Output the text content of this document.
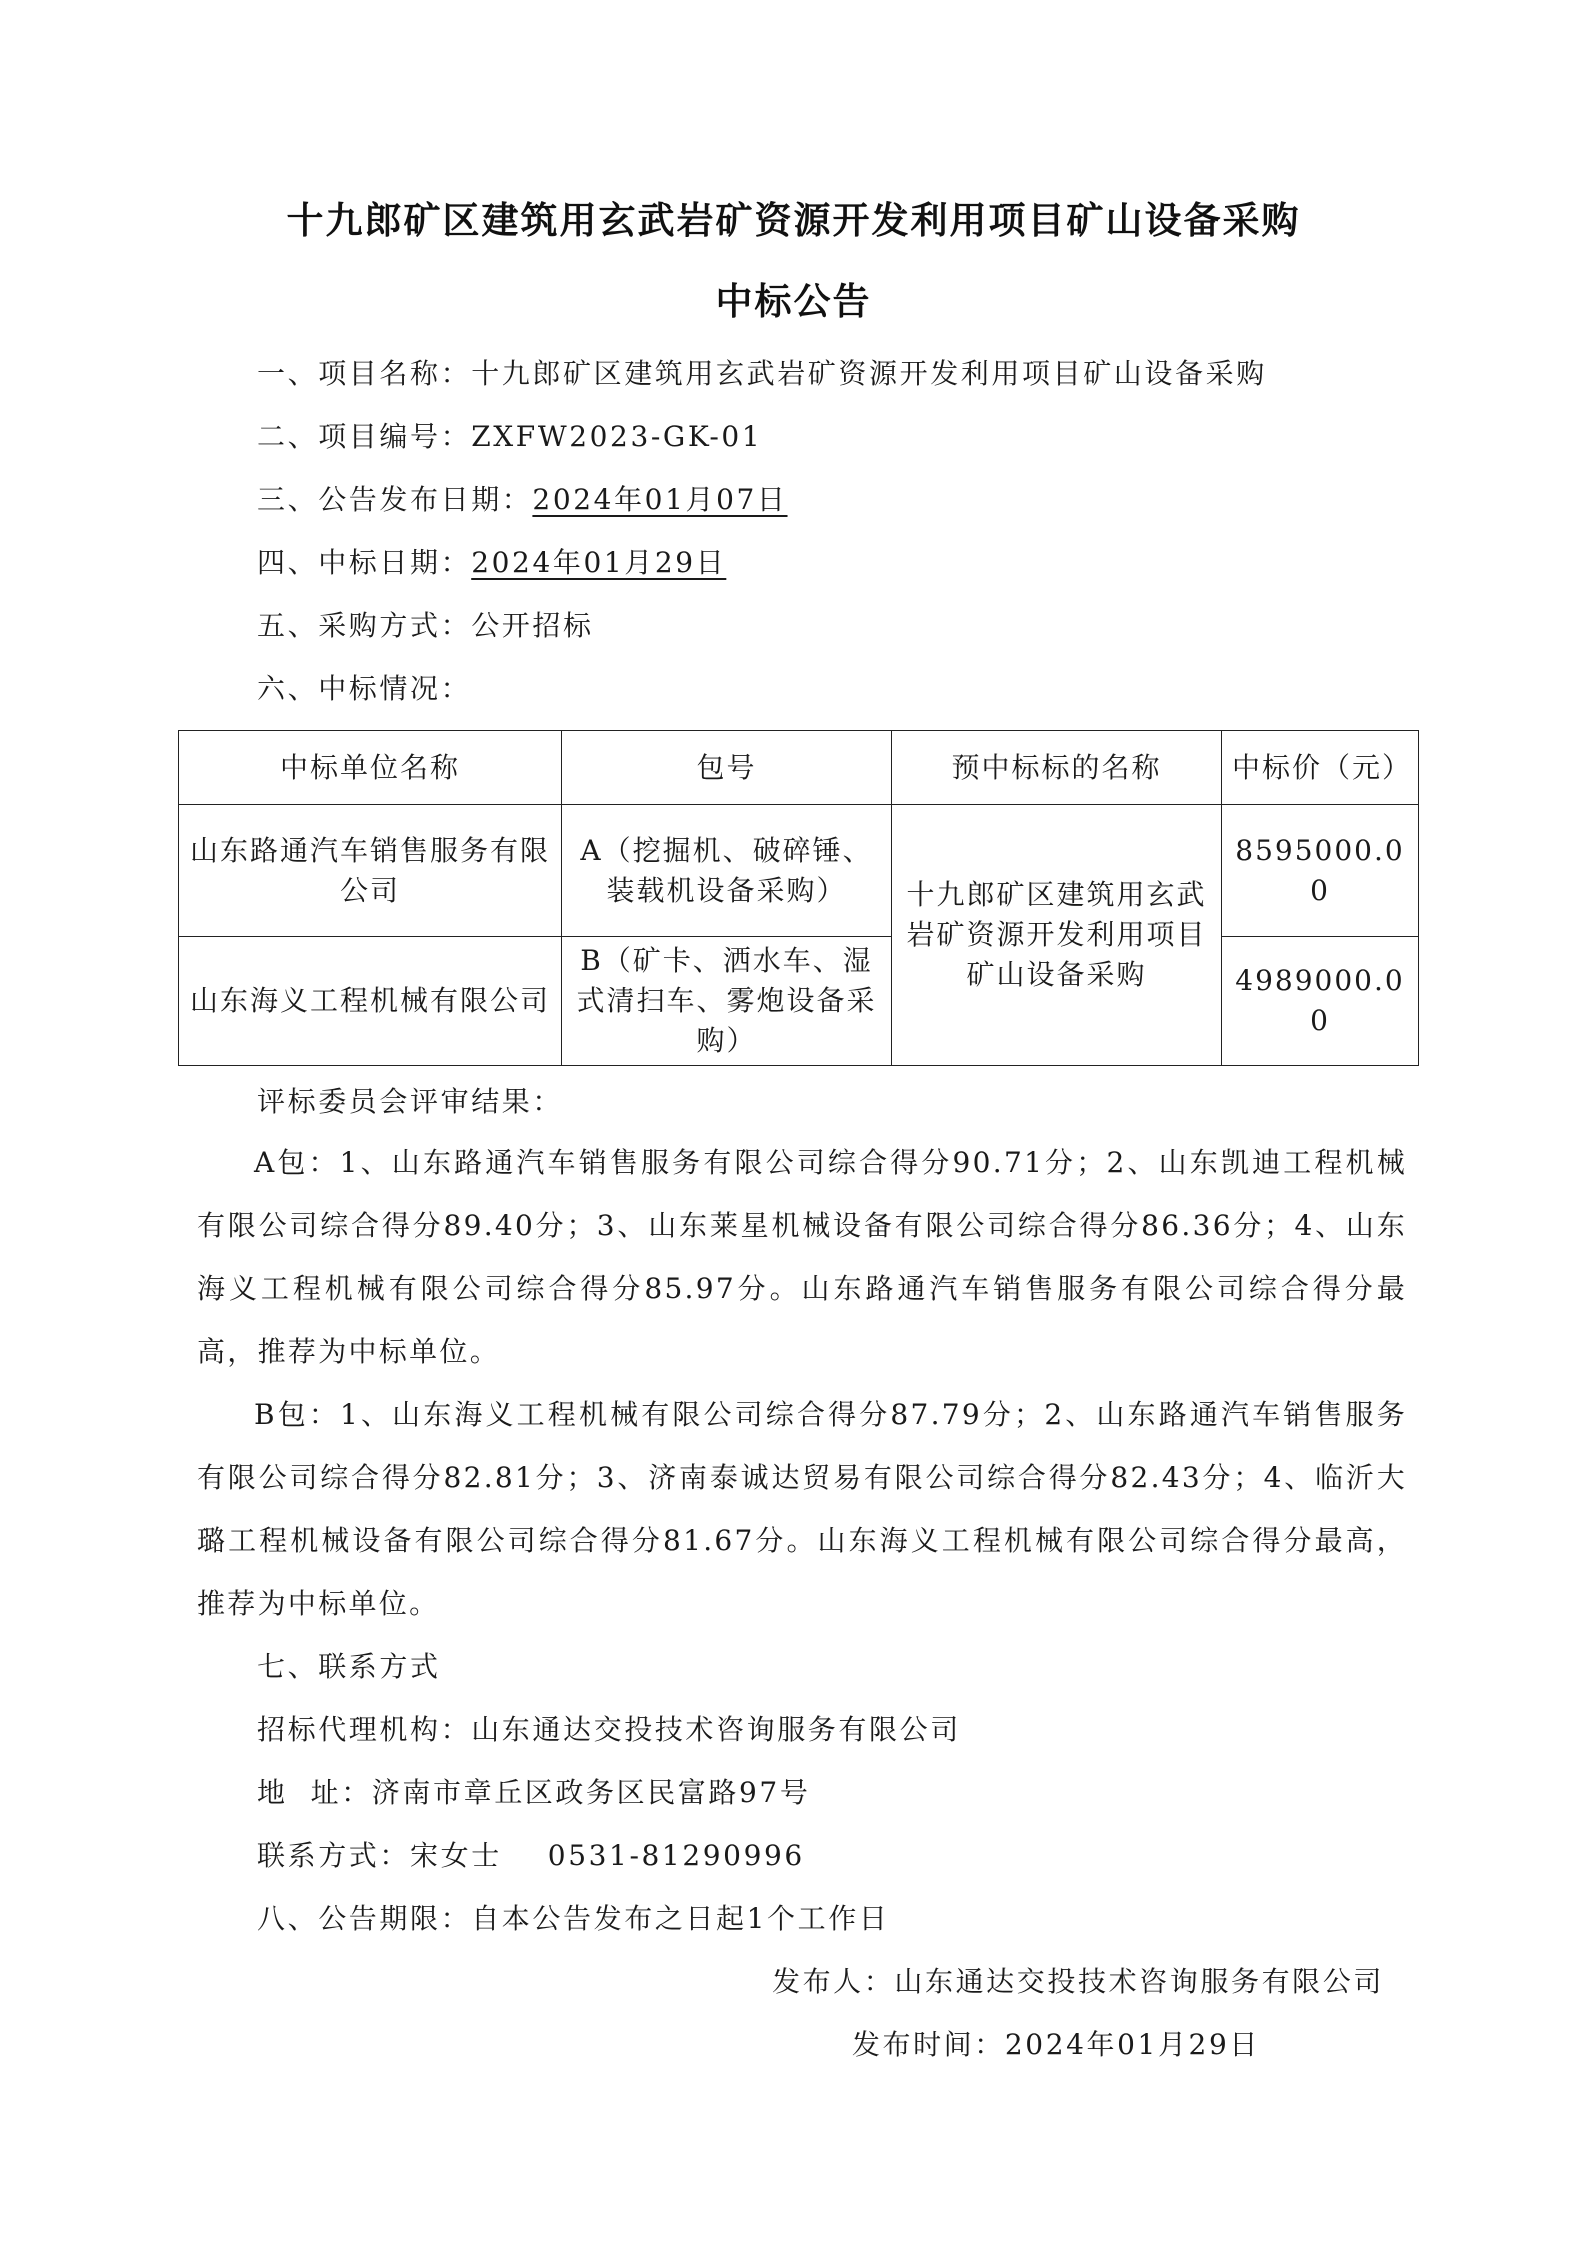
十九郎矿区建筑用玄武岩矿资源开发利用项目矿山设备采购
中标公告
一、项目名称：十九郎矿区建筑用玄武岩矿资源开发利用项目矿山设备采购
二、项目编号：ZXFW2023-GK-01
三、公告发布日期：2024年01月07日
四、中标日期：2024年01月29日
五、采购方式：公开招标
六、中标情况：
中标单位名称	包号	预中标标的名称	中标价（元）
山东路通汽车销售服务有限公司	A（挖掘机、破碎锤、装载机设备采购）	十九郎矿区建筑用玄武岩矿资源开发利用项目矿山设备采购	8595000.00
山东海义工程机械有限公司	B（矿卡、洒水车、湿式清扫车、雾炮设备采购）		4989000.00
评标委员会评审结果：
A包：1、山东路通汽车销售服务有限公司综合得分90.71分；2、山东凯迪工程机械有限公司综合得分89.40分；3、山东莱星机械设备有限公司综合得分86.36分；4、山东海义工程机械有限公司综合得分85.97分。山东路通汽车销售服务有限公司综合得分最高，推荐为中标单位。
B包：1、山东海义工程机械有限公司综合得分87.79分；2、山东路通汽车销售服务有限公司综合得分82.81分；3、济南泰诚达贸易有限公司综合得分82.43分；4、临沂大璐工程机械设备有限公司综合得分81.67分。山东海义工程机械有限公司综合得分最高，推荐为中标单位。
七、联系方式
招标代理机构：山东通达交投技术咨询服务有限公司
地  址：济南市章丘区政务区民富路97号
联系方式：宋女士    0531-81290996
八、公告期限：自本公告发布之日起1个工作日
发布人：山东通达交投技术咨询服务有限公司
发布时间：2024年01月29日
